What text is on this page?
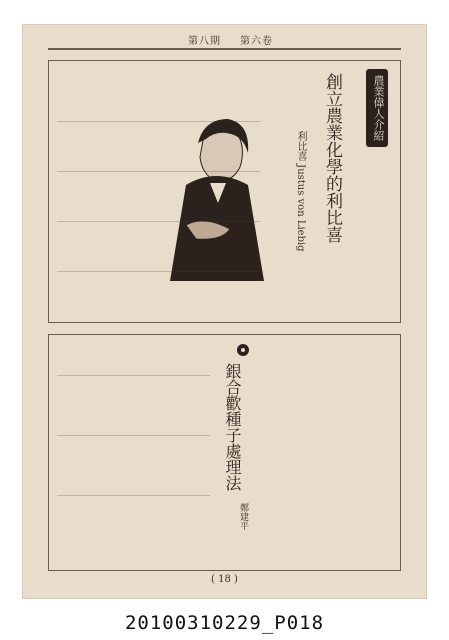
第八期 第六卷
農業偉人介紹
創立農業化學的利比喜
利比喜 Justus von Liebig
銀合歡種子處理法
鄭建平
( 18 )
20100310229_P018
